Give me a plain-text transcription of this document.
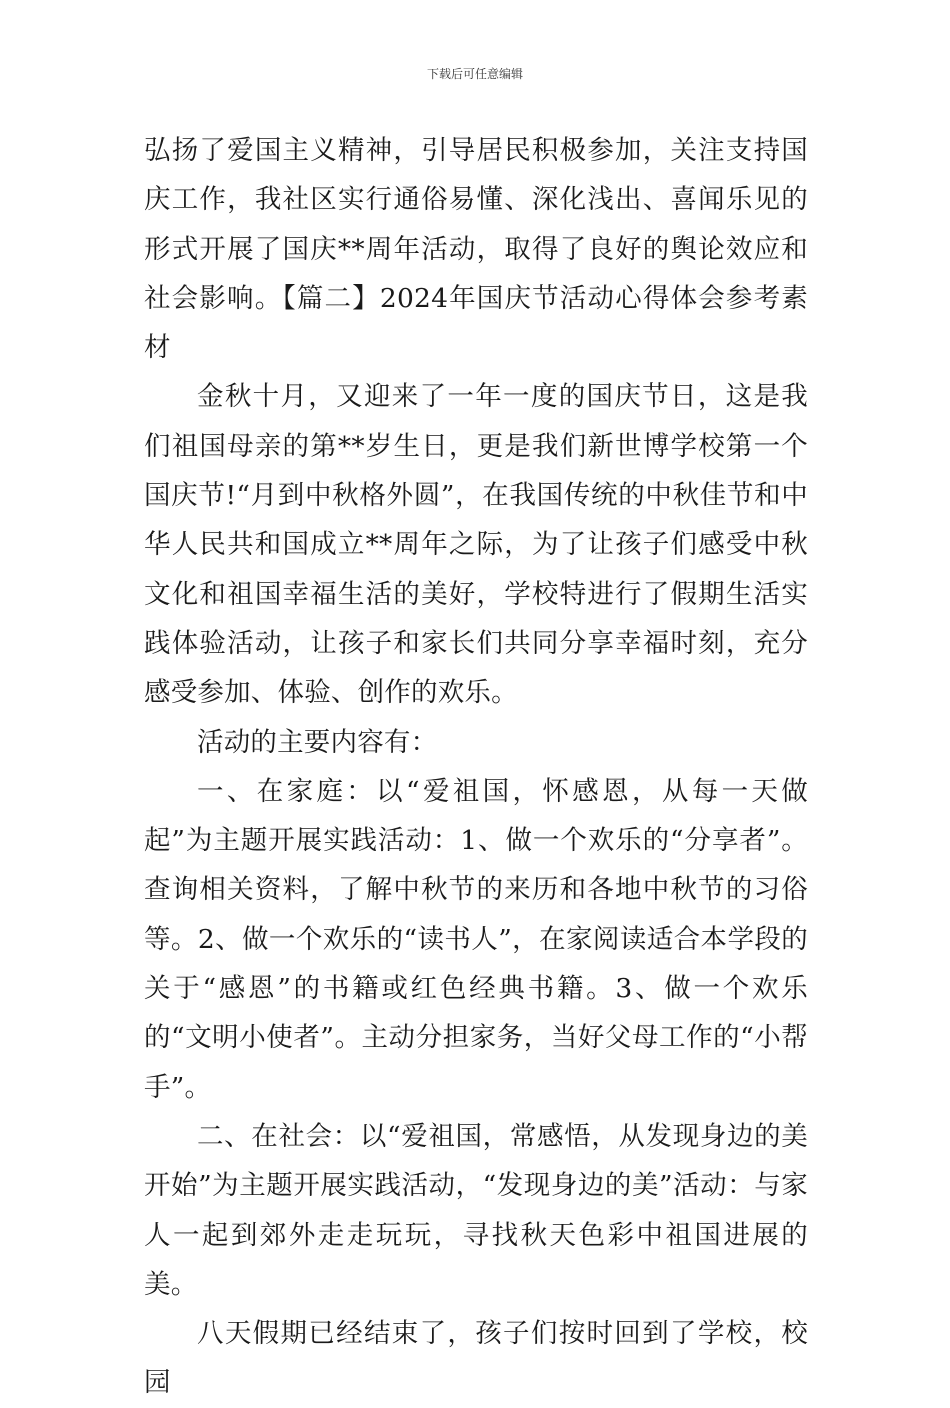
下载后可任意编辑

弘扬了爱国主义精神，引导居民积极参加，关注支持国庆工作，我社区实行通俗易懂、深化浅出、喜闻乐见的形式开展了国庆**周年活动，取得了良好的舆论效应和社会影响。【篇二】2024年国庆节活动心得体会参考素材

金秋十月，又迎来了一年一度的国庆节日，这是我们祖国母亲的第**岁生日，更是我们新世博学校第一个国庆节!“月到中秋格外圆”，在我国传统的中秋佳节和中华人民共和国成立**周年之际，为了让孩子们感受中秋文化和祖国幸福生活的美好，学校特进行了假期生活实践体验活动，让孩子和家长们共同分享幸福时刻，充分感受参加、体验、创作的欢乐。

活动的主要内容有：

一、在家庭：以“爱祖国，怀感恩，从每一天做起”为主题开展实践活动：1、做一个欢乐的“分享者”。查询相关资料，了解中秋节的来历和各地中秋节的习俗等。2、做一个欢乐的“读书人”，在家阅读适合本学段的关于“感恩”的书籍或红色经典书籍。3、做一个欢乐的“文明小使者”。主动分担家务，当好父母工作的“小帮手”。

二、在社会：以“爱祖国，常感悟，从发现身边的美开始”为主题开展实践活动，“发现身边的美”活动：与家人一起到郊外走走玩玩，寻找秋天色彩中祖国进展的美。

八天假期已经结束了，孩子们按时回到了学校，校园
